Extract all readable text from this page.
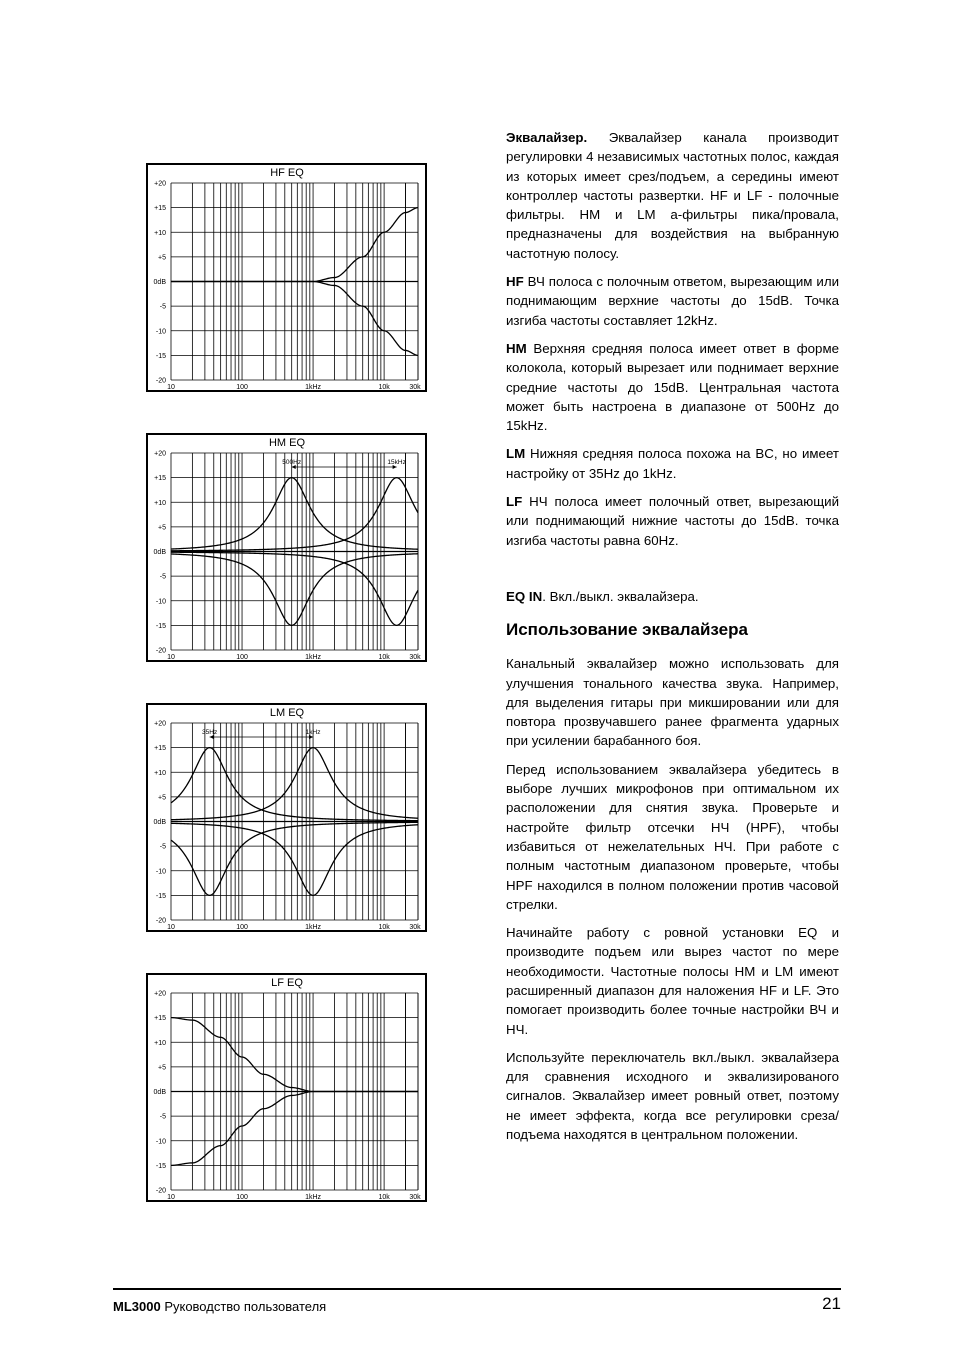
HF EQ
+20
+15
+10
+5
0dB
-5
-10
-15
-20
10	100	1kHz	10k	30k
HM EQ
+20
+15
+10
+5
0dB
-5
-10
-15
-20
10	100	1kHz	10k	30k
500Hz	15kHz
LM EQ
+20
+15
+10
+5
0dB
-5
-10
-15
-20
10	100	1kHz	10k	30k
35Hz	1kHz
LF EQ
+20
+15
+10
+5
0dB
-5
-10
-15
-20
10	100	1kHz	10k	30k

Эквалайзер. Эквалайзер канала производит регулировки 4 независимых частотных полос, каждая из которых имеет срез/подъем, а середины имеют контроллер частоты развертки. HF и LF - полочные фильтры. HM и LM а-фильтры пика/провала, предназначены для воздействия на выбранную частотную полосу.

HF ВЧ полоса с полочным ответом, вырезающим или поднимающим верхние частоты до 15dB. Точка изгиба частоты составляет 12kHz.

HM Верхняя средняя полоса имеет ответ в форме колокола, который вырезает или поднимает верхние средние частоты до 15dB. Центральная частота может быть настроена в диапазоне от 500Hz до 15kHz.

LM Нижняя средняя полоса похожа на BC, но имеет настройку от 35Hz до 1kHz.

LF НЧ полоса имеет полочный ответ, вырезающий или поднимающий нижние частоты до 15dB. точка изгиба частоты равна 60Hz.

EQ IN. Вкл./выкл. эквалайзера.

Использование эквалайзера

Канальный эквалайзер можно использовать для улучшения тонального качества звука. Например, для выделения гитары при микшировании или для повтора прозвучавшего ранее фрагмента ударных при усилении барабанного боя.

Перед использованием эквалайзера убедитесь в выборе лучших микрофонов при оптимальном их расположении для снятия звука. Проверьте и настройте фильтр отсечки НЧ (HPF), чтобы избавиться от нежелательных НЧ. При работе с полным частотным диапазоном проверьте, чтобы HPF находился в полном положении против часовой стрелки.

Начинайте работу с ровной установки EQ и производите подъем или вырез частот по мере необходимости. Частотные полосы HM и LM имеют расширенный диапазон для наложения HF и LF. Это помогает производить более точные настройки ВЧ и НЧ.

Используйте переключатель вкл./выкл. эквалайзера для сравнения исходного и эквализированого сигналов. Эквалайзер имеет ровный ответ, поэтому не имеет эффекта, когда все регулировки среза/подъема находятся в центральном положении.

ML3000 Руководство пользователя	21
